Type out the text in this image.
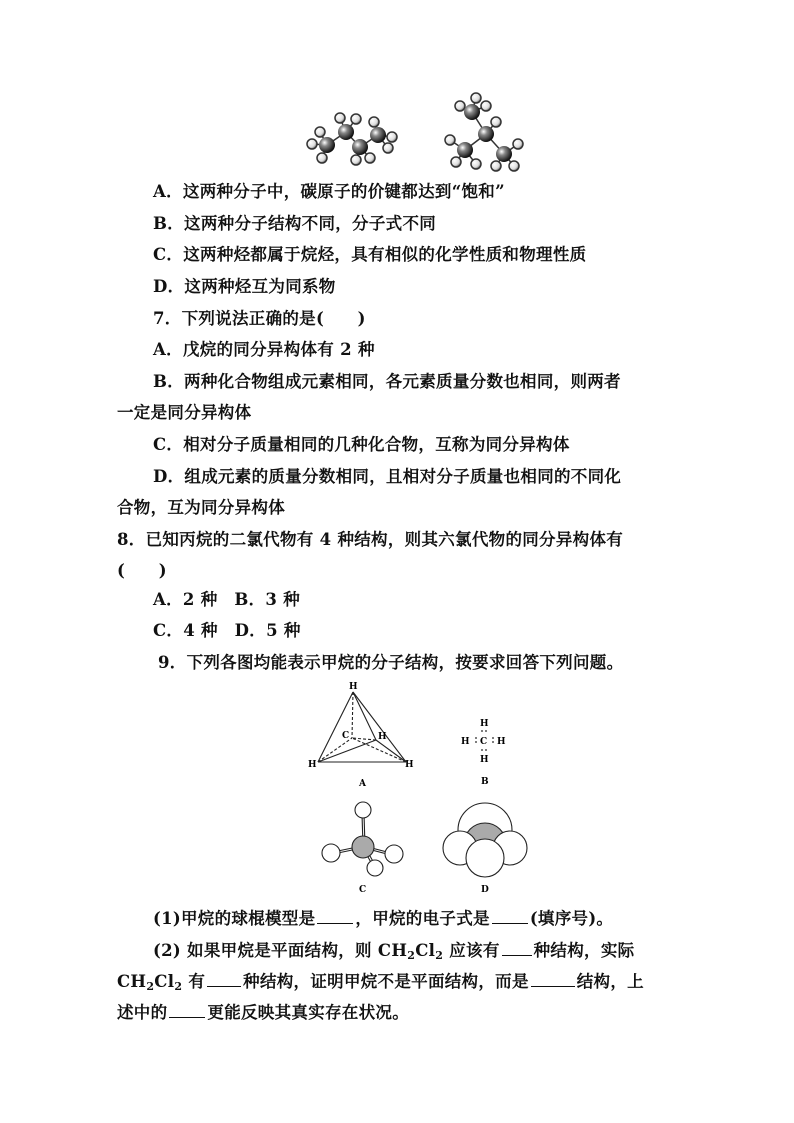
A．这两种分子中，碳原子的价键都达到“饱和”
B．这两种分子结构不同，分子式不同
C．这两种烃都属于烷烃，具有相似的化学性质和物理性质
D．这两种烃互为同系物
7．下列说法正确的是(　　)
A．戊烷的同分异构体有 2 种
B．两种化合物组成元素相同，各元素质量分数也相同，则两者
一定是同分异构体
C．相对分子质量相同的几种化合物，互称为同分异构体
D．组成元素的质量分数相同，且相对分子质量也相同的不同化
合物，互为同分异构体
8．已知丙烷的二氯代物有 4 种结构，则其六氯代物的同分异构体有
(　　)
A．2 种　B．3 种
C．4 种　D．5 种
9．下列各图均能表示甲烷的分子结构，按要求回答下列问题。
H
C	H
H	H
A
H
H
H	H
C
B
C	D
(1)甲烷的球棍模型是 ，甲烷的电子式是 (填序号)。
(2) 如果甲烷是平面结构，则 $CH_2Cl_2$ 应该有 种结构，实际
$CH_2Cl_2$ 有 种结构，证明甲烷不是平面结构，而是	结构，上
述中的 更能反映其真实存在状况。
